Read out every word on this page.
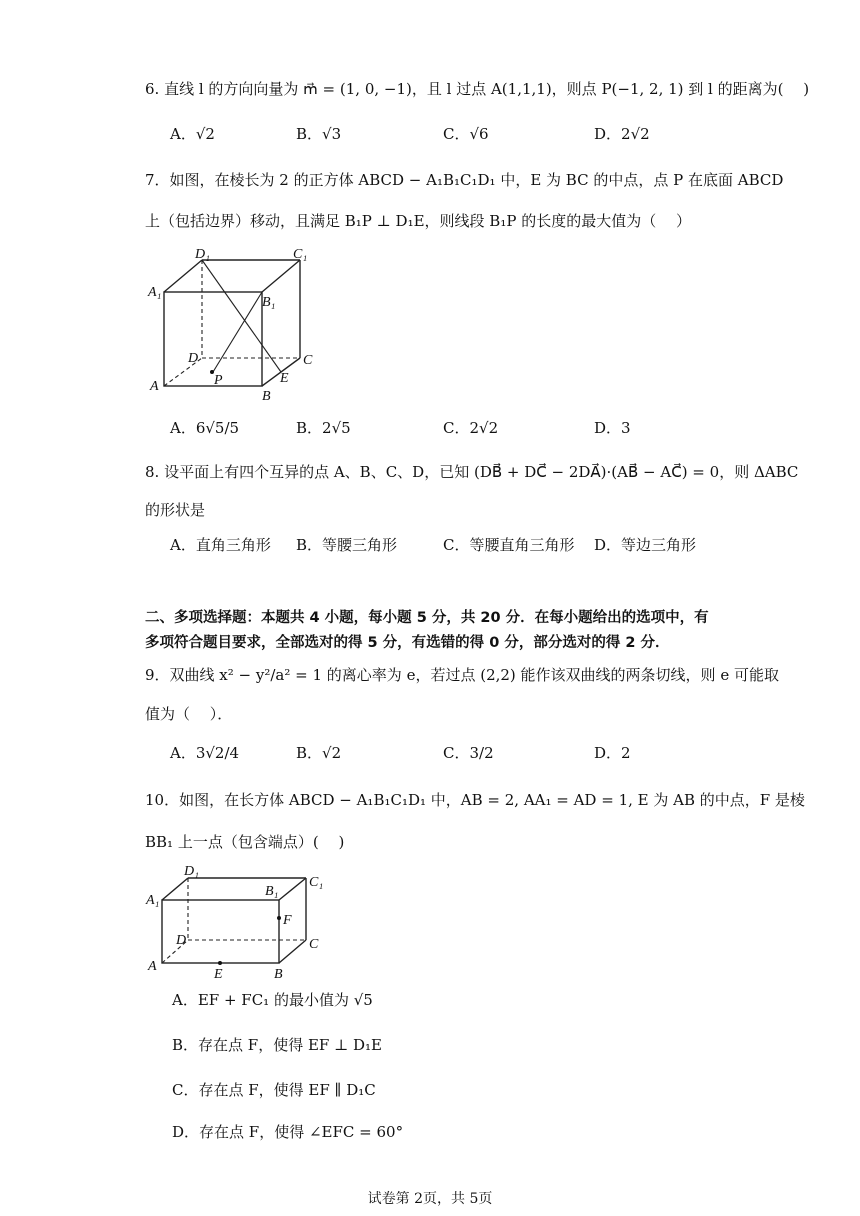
6. 直线 l 的方向向量为 m⃗ = (1, 0, −1)，且 l 过点 A(1,1,1)，则点 P(−1, 2, 1) 到 l 的距离为(　 )
A．√2	B．√3	C．√6	D．2√2
7．如图，在棱长为 2 的正方体 ABCD − A₁B₁C₁D₁ 中，E 为 BC 的中点，点 P 在底面 ABCD
上（包括边界）移动，且满足 B₁P ⊥ D₁E，则线段 B₁P 的长度的最大值为（　 ）
A₁
D₁	C₁
B₁
D	C
A
B
E
P
A．6√5/5	B．2√5	C．2√2	D．3
8. 设平面上有四个互异的点 A、B、C、D，已知 (DB⃗ + DC⃗ − 2DA⃗)·(AB⃗ − AC⃗) = 0，则 ΔABC
的形状是
A．直角三角形 B．等腰三角形	C．等腰直角三角形 D．等边三角形
二、多项选择题：本题共 4 小题，每小题 5 分，共 20 分．在每小题给出的选项中，有
多项符合题目要求，全部选对的得 5 分，有选错的得 0 分，部分选对的得 2 分．
9．双曲线 x² − y²/a² = 1 的离心率为 e，若过点 (2,2) 能作该双曲线的两条切线，则 e 可能取
值为（　 ）．
A．3√2/4	B．√2	C．3/2	D．2
10．如图，在长方体 ABCD − A₁B₁C₁D₁ 中，AB = 2, AA₁ = AD = 1, E 为 AB 的中点，F 是棱
BB₁ 上一点（包含端点）(　 )
A₁
D₁
B₁
C₁
F
D	C
A
E	B
A．EF + FC₁ 的最小值为 √5
B．存在点 F，使得 EF ⊥ D₁E
C．存在点 F，使得 EF ∥ D₁C
D．存在点 F，使得 ∠EFC = 60°
试卷第 2页，共 5页
